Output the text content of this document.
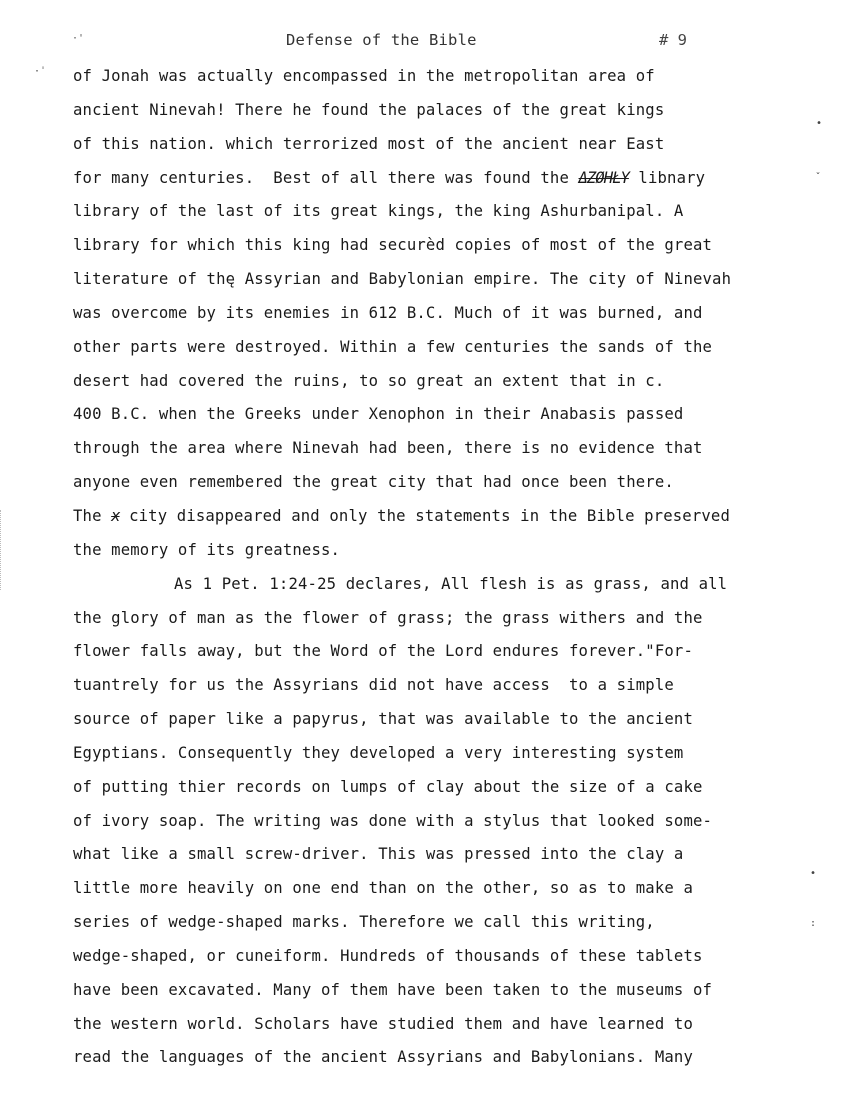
·'	Defense of the Bible	# 9
·ˈ
•
ˇ
•
:
of Jonah was actually encompassed in the metropolitan area of
ancient Ninevah! There he found the palaces of the great kings
of this nation. which terrorized most of the ancient near East
for many centuries.  Best of all there was found the ΔZØHŁY libnary
library of the last of its great kings, the king Ashurbanipal. A
library for which this king had securèd copies of most of the great
literature of thę Assyrian and Babylonian empire. The city of Ninevah
was overcome by its enemies in 612 B.C. Much of it was burned, and
other parts were destroyed. Within a few centuries the sands of the
desert had covered the ruins, to so great an extent that in c.
400 B.C. when the Greeks under Xenophon in their Anabasis passed
through the area where Ninevah had been, there is no evidence that
anyone even remembered the great city that had once been there.
The x city disappeared and only the statements in the Bible preserved
the memory of its greatness.
As 1 Pet. 1:24-25 declares, All flesh is as grass, and all
the glory of man as the flower of grass; the grass withers and the
flower falls away, but the Word of the Lord endures forever."For-
tuantrely for us the Assyrians did not have access  to a simple
source of paper like a papyrus, that was available to the ancient
Egyptians. Consequently they developed a very interesting system
of putting thier records on lumps of clay about the size of a cake
of ivory soap. The writing was done with a stylus that looked some-
what like a small screw-driver. This was pressed into the clay a
little more heavily on one end than on the other, so as to make a
series of wedge-shaped marks. Therefore we call this writing,
wedge-shaped, or cuneiform. Hundreds of thousands of these tablets
have been excavated. Many of them have been taken to the museums of
the western world. Scholars have studied them and have learned to
read the languages of the ancient Assyrians and Babylonians. Many
